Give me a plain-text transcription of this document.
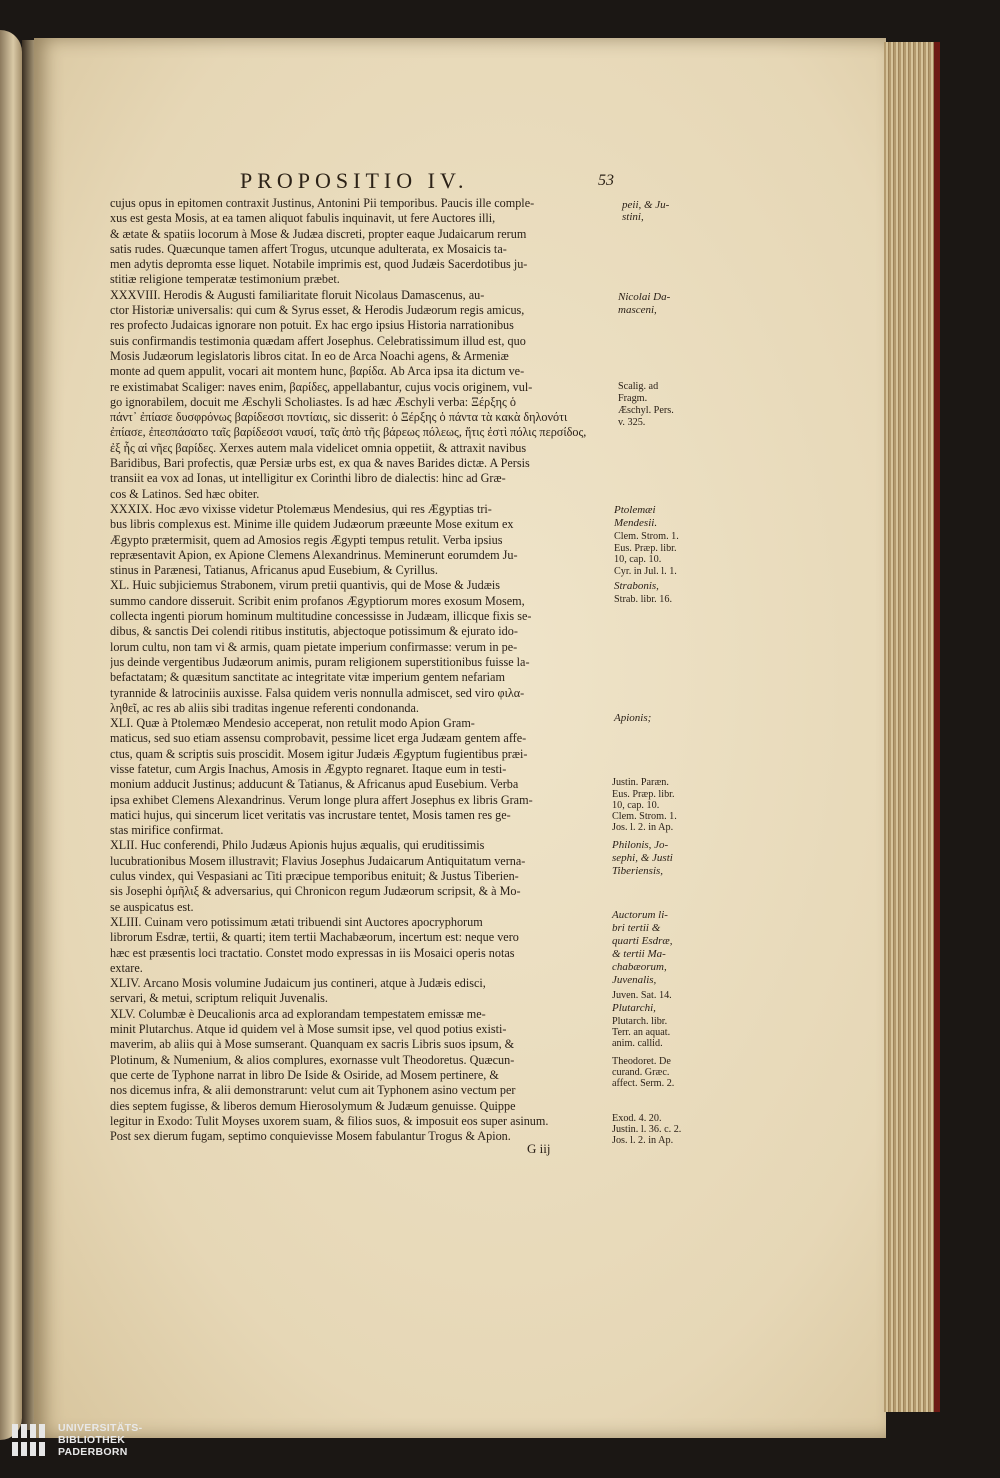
PROPOSITIO IV.	53
cujus opus in epitomen contraxit Justinus, Antonini Pii temporibus. Paucis ille comple-
xus est gesta Mosis, at ea tamen aliquot fabulis inquinavit, ut fere Auctores illi,
& ætate & spatiis locorum à Mose & Judæa discreti, propter eaque Judaicarum rerum
satis rudes. Quæcunque tamen affert Trogus, utcunque adulterata, ex Mosaicis ta-
men adytis depromta esse liquet. Notabile imprimis est, quod Judæis Sacerdotibus ju-
stitiæ religione temperatæ testimonium præbet.
XXXVIII. Herodis & Augusti familiaritate floruit Nicolaus Damascenus, au-
ctor Historiæ universalis: qui cum & Syrus esset, & Herodis Judæorum regis amicus,
res profecto Judaicas ignorare non potuit. Ex hac ergo ipsius Historia narrationibus
suis confirmandis testimonia quædam affert Josephus. Celebratissimum illud est, quo
Mosis Judæorum legislatoris libros citat. In eo de Arca Noachi agens, & Armeniæ
monte ad quem appulit, vocari ait montem hunc, βαρίδα. Ab Arca ipsa ita dictum ve-
re existimabat Scaliger: naves enim, βαρίδες, appellabantur, cujus vocis originem, vul-
go ignorabilem, docuit me Æschyli Scholiastes. Is ad hæc Æschyli verba: Ξέρξης ὁ
πάντ᾽ ἐπίασε δυσφρόνως βαρίδεσσι ποντίαις, sic disserit: ὁ Ξέρξης ὁ πάντα τὰ κακὰ δηλονότι
ἐπίασε, ἐπεσπάσατο ταῖς βαρίδεσσι ναυσί, ταῖς ἀπὸ τῆς βάρεως πόλεως, ἥτις ἐστὶ πόλις περσίδος,
ἐξ ἧς αἱ νῆες βαρίδες. Xerxes autem mala videlicet omnia oppetiit, & attraxit navibus
Baridibus, Bari profectis, quæ Persiæ urbs est, ex qua & naves Barides dictæ. A Persis
transiit ea vox ad Ionas, ut intelligitur ex Corinthi libro de dialectis: hinc ad Græ-
cos & Latinos. Sed hæc obiter.
XXXIX. Hoc ævo vixisse videtur Ptolemæus Mendesius, qui res Ægyptias tri-
bus libris complexus est. Minime ille quidem Judæorum præeunte Mose exitum ex
Ægypto prætermisit, quem ad Amosios regis Ægypti tempus retulit. Verba ipsius
repræsentavit Apion, ex Apione Clemens Alexandrinus. Meminerunt eorumdem Ju-
stinus in Parænesi, Tatianus, Africanus apud Eusebium, & Cyrillus.
XL. Huic subjiciemus Strabonem, virum pretii quantivis, qui de Mose & Judæis
summo candore disseruit. Scribit enim profanos Ægyptiorum mores exosum Mosem,
collecta ingenti piorum hominum multitudine concessisse in Judæam, illicque fixis se-
dibus, & sanctis Dei colendi ritibus institutis, abjectoque potissimum & ejurato ido-
lorum cultu, non tam vi & armis, quam pietate imperium confirmasse: verum in pe-
jus deinde vergentibus Judæorum animis, puram religionem superstitionibus fuisse la-
befactatam; & quæsitum sanctitate ac integritate vitæ imperium gentem nefariam
tyrannide & latrociniis auxisse. Falsa quidem veris nonnulla admiscet, sed viro φιλα-
ληθεῖ, ac res ab aliis sibi traditas ingenue referenti condonanda.
XLI. Quæ à Ptolemæo Mendesio acceperat, non retulit modo Apion Gram-
maticus, sed suo etiam assensu comprobavit, pessime licet erga Judæam gentem affe-
ctus, quam & scriptis suis proscidit. Mosem igitur Judæis Ægyptum fugientibus præi-
visse fatetur, cum Argis Inachus, Amosis in Ægypto regnaret. Itaque eum in testi-
monium adducit Justinus; adducunt & Tatianus, & Africanus apud Eusebium. Verba
ipsa exhibet Clemens Alexandrinus. Verum longe plura affert Josephus ex libris Gram-
matici hujus, qui sincerum licet veritatis vas incrustare tentet, Mosis tamen res ge-
stas mirifice confirmat.
XLII. Huc conferendi, Philo Judæus Apionis hujus æqualis, qui eruditissimis
lucubrationibus Mosem illustravit; Flavius Josephus Judaicarum Antiquitatum verna-
culus vindex, qui Vespasiani ac Titi præcipue temporibus enituit; & Justus Tiberien-
sis Josephi ὁμῆλιξ & adversarius, qui Chronicon regum Judæorum scripsit, & à Mo-
se auspicatus est.
XLIII. Cuinam vero potissimum ætati tribuendi sint Auctores apocryphorum
librorum Esdræ, tertii, & quarti; item tertii Machabæorum, incertum est: neque vero
hæc est præsentis loci tractatio. Constet modo expressas in iis Mosaici operis notas
extare.
XLIV. Arcano Mosis volumine Judaicum jus contineri, atque à Judæis edisci,
servari, & metui, scriptum reliquit Juvenalis.
XLV. Columbæ è Deucalionis arca ad explorandam tempestatem emissæ me-
minit Plutarchus. Atque id quidem vel à Mose sumsit ipse, vel quod potius existi-
maverim, ab aliis qui à Mose sumserant. Quanquam ex sacris Libris suos ipsum, &
Plotinum, & Numenium, & alios complures, exornasse vult Theodoretus. Quæcun-
que certe de Typhone narrat in libro De Iside & Osiride, ad Mosem pertinere, &
nos dicemus infra, & alii demonstrarunt: velut cum ait Typhonem asino vectum per
dies septem fugisse, & liberos demum Hierosolymum & Judæum genuisse. Quippe
legitur in Exodo: Tulit Moyses uxorem suam, & filios suos, & imposuit eos super asinum.
Post sex dierum fugam, septimo conquievisse Mosem fabulantur Trogus & Apion.
peii, & Ju-
stini,
Nicolai Da-
masceni,
Scalig. ad
Fragm.
Æschyl. Pers.
v. 325.
Ptolemæi
Mendesii.
Clem. Strom. 1.
Eus. Præp. libr.
10, cap. 10.
Cyr. in Jul. l. 1.
Strabonis,
Strab. libr. 16.
Apionis;
Justin. Paræn.
Eus. Præp. libr.
10, cap. 10.
Clem. Strom. 1.
Jos. l. 2. in Ap.
Philonis, Jo-
sephi, & Justi
Tiberiensis,
Auctorum li-
bri tertii &
quarti Esdræ,
& tertii Ma-
chabæorum,
Juvenalis,
Juven. Sat. 14.
Plutarchi,
Plutarch. libr.
Terr. an aquat.
anim. callid.
Theodoret. De
curand. Græc.
affect. Serm. 2.
Exod. 4. 20.
Justin. l. 36. c. 2.
Jos. l. 2. in Ap.
G iij
UNIVERSITÄTS-
BIBLIOTHEK
PADERBORN
